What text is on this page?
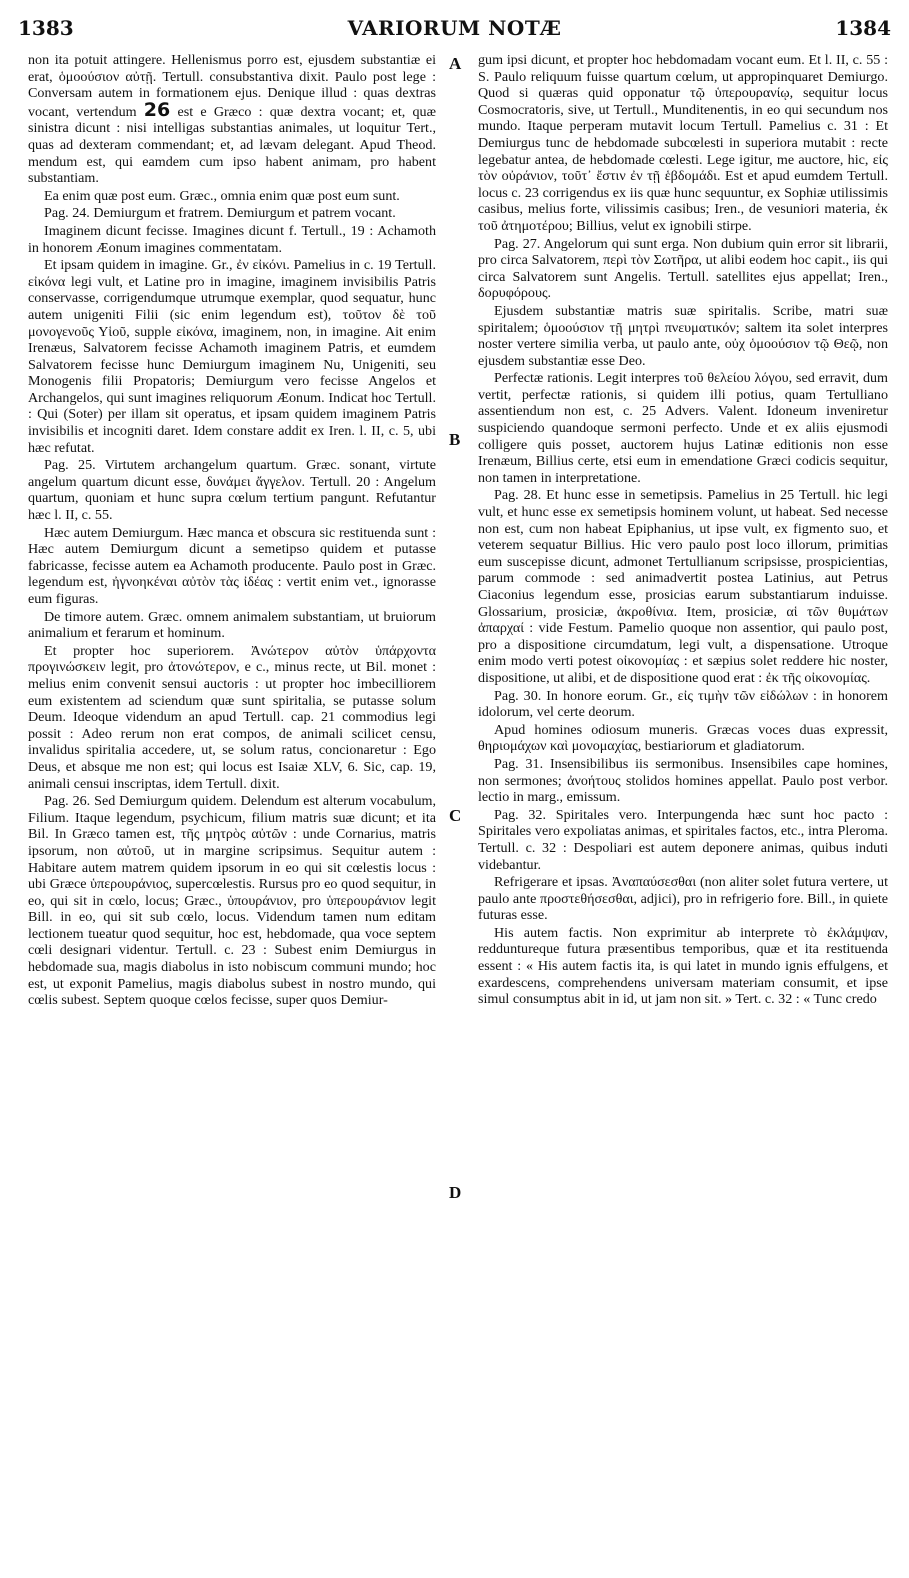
1383	VARIORUM NOTÆ	1384

non ita potuit attingere. Hellenismus porro est, ejusdem substantiæ ei erat, ὁμοούσιον αὐτῇ. Tertull. consubstantiva dixit. Paulo post lege : Conversam autem in formationem ejus. Denique illud : quas dextras vocant, vertendum 26 est e Græco : quæ dextra vocant; et, quæ sinistra dicunt : nisi intelligas substantias animales, ut loquitur Tert., quas ad dexteram commendant; et, ad lævam delegant. Apud Theod. mendum est, qui eamdem cum ipso habent animam, pro habent substantiam.

Ea enim quæ post eum. Græc., omnia enim quæ post eum sunt.

Pag. 24. Demiurgum et fratrem. Demiurgum et patrem vocant.

Imaginem dicunt fecisse. Imagines dicunt f. Tertull., 19 : Achamoth in honorem Æonum imagines commentatam.

Et ipsam quidem in imagine. Gr., ἐν εἰκόνι. Pamelius in c. 19 Tertull. εἰκόνα legi vult, et Latine pro in imagine, imaginem invisibilis Patris conservasse, corrigendumque utrumque exemplar, quod sequatur, hunc autem unigeniti Filii (sic enim legendum est), τοῦτον δὲ τοῦ μονογενοῦς Υἱοῦ, supple εἰκόνα, imaginem, non, in imagine. Ait enim Irenæus, Salvatorem fecisse Achamoth imaginem Patris, et eumdem Salvatorem fecisse hunc Demiurgum imaginem Nu, Unigeniti, seu Monogenis filii Propatoris; Demiurgum vero fecisse Angelos et Archangelos, qui sunt imagines reliquorum Æonum. Indicat hoc Tertull. : Qui (Soter) per illam sit operatus, et ipsam quidem imaginem Patris invisibilis et incogniti daret. Idem constare addit ex Iren. l. II, c. 5, ubi hæc refutat.

Pag. 25. Virtutem archangelum quartum. Græc. sonant, virtute angelum quartum dicunt esse, δυνάμει ἄγγελον. Tertull. 20 : Angelum quartum, quoniam et hunc supra cœlum tertium pangunt. Refutantur hæc l. II, c. 55.

Hæc autem Demiurgum. Hæc manca et obscura sic restituenda sunt : Hæc autem Demiurgum dicunt a semetipso quidem et putasse fabricasse, fecisse autem ea Achamoth producente. Paulo post in Græc. legendum est, ἠγνοηκέναι αὐτὸν τὰς ἰδέας : vertit enim vet., ignorasse eum figuras.

De timore autem. Græc. omnem animalem substantiam, ut bruiorum animalium et ferarum et hominum.

Et propter hoc superiorem. Ἀνώτερον αὐτὸν ὑπάρχοντα προγινώσκειν legit, pro ἀτονώτερον, e c., minus recte, ut Bil. monet : melius enim convenit sensui auctoris : ut propter hoc imbecilliorem eum existentem ad sciendum quæ sunt spiritalia, se putasse solum Deum. Ideoque videndum an apud Tertull. cap. 21 commodius legi possit : Adeo rerum non erat compos, de animali scilicet censu, invalidus spiritalia accedere, ut, se solum ratus, concionaretur : Ego Deus, et absque me non est; qui locus est Isaiæ XLV, 6. Sic, cap. 19, animali censui inscriptas, idem Tertull. dixit.

Pag. 26. Sed Demiurgum quidem. Delendum est alterum vocabulum, Filium. Itaque legendum, psychicum, filium matris suæ dicunt; et ita Bil. In Græco tamen est, τῆς μητρὸς αὐτῶν : unde Cornarius, matris ipsorum, non αὐτοῦ, ut in margine scripsimus. Sequitur autem : Habitare autem matrem quidem ipsorum in eo qui sit cœlestis locus : ubi Græce ὑπερουράνιος, supercœlestis. Rursus pro eo quod sequitur, in eo, qui sit in cœlo, locus; Græc., ὑπουράνιον, pro ὑπερουράνιον legit Bill. in eo, qui sit sub cœlo, locus. Videndum tamen num editam lectionem tueatur quod sequitur, hoc est, hebdomade, qua voce septem cœli designari videntur. Tertull. c. 23 : Subest enim Demiurgus in hebdomade sua, magis diabolus in isto nobiscum communi mundo; hoc est, ut exponit Pamelius, magis diabolus subest in nostro mundo, qui cœlis subest. Septem quoque cœlos fecisse, super quos Demiur-

gum ipsi dicunt, et propter hoc hebdomadam vocant eum. Et l. II, c. 55 : S. Paulo reliquum fuisse quartum cœlum, ut appropinquaret Demiurgo. Quod si quæras quid opponatur τῷ ὑπερουρανίῳ, sequitur locus Cosmocratoris, sive, ut Tertull., Munditenentis, in eo qui secundum nos mundo. Itaque perperam mutavit locum Tertull. Pamelius c. 31 : Et Demiurgus tunc de hebdomade subcœlesti in superiora mutabit : recte legebatur antea, de hebdomade cœlesti. Lege igitur, me auctore, hic, εἰς τὸν οὐράνιον, τοῦτ᾽ ἔστιν ἐν τῇ ἑβδομάδι. Est et apud eumdem Tertull. locus c. 23 corrigendus ex iis quæ hunc sequuntur, ex Sophiæ utilissimis casibus, melius forte, vilissimis casibus; Iren., de vesuniori materia, ἐκ τοῦ ἀτημοτέρου; Billius, velut ex ignobili stirpe.

Pag. 27. Angelorum qui sunt erga. Non dubium quin error sit librarii, pro circa Salvatorem, περὶ τὸν Σωτῆρα, ut alibi eodem hoc capit., iis qui circa Salvatorem sunt Angelis. Tertull. satellites ejus appellat; Iren., δορυφόρους.

Ejusdem substantiæ matris suæ spiritalis. Scribe, matri suæ spiritalem; ὁμοούσιον τῇ μητρὶ πνευματικόν; saltem ita solet interpres noster vertere similia verba, ut paulo ante, οὐχ ὁμοούσιον τῷ Θεῷ, non ejusdem substantiæ esse Deo.

Perfectæ rationis. Legit interpres τοῦ θελείου λόγου, sed erravit, dum vertit, perfectæ rationis, si quidem illi potius, quam Tertulliano assentiendum non est, c. 25 Advers. Valent. Idoneum inveniretur suspiciendo quandoque sermoni perfecto. Unde et ex aliis ejusmodi colligere quis posset, auctorem hujus Latinæ editionis non esse Irenæum, Billius certe, etsi eum in emendatione Græci codicis sequitur, non tamen in interpretatione.

Pag. 28. Et hunc esse in semetipsis. Pamelius in 25 Tertull. hic legi vult, et hunc esse ex semetipsis hominem volunt, ut habeat. Sed necesse non est, cum non habeat Epiphanius, ut ipse vult, ex figmento suo, et veterem sequatur Billius. Hic vero paulo post loco illorum, primitias eum suscepisse dicunt, admonet Tertullianum scripsisse, prospicientias, parum commode : sed animadvertit postea Latinius, aut Petrus Ciaconius legendum esse, prosicias earum substantiarum induisse. Glossarium, prosiciæ, ἀκροθίνια. Item, prosiciæ, αἱ τῶν θυμάτων ἀπαρχαί : vide Festum. Pamelio quoque non assentior, qui paulo post, pro a dispositione circumdatum, legi vult, a dispensatione. Utroque enim modo verti potest οἰκονομίας : et sæpius solet reddere hic noster, dispositione, ut alibi, et de dispositione quod erat : ἐκ τῆς οἰκονομίας.

Pag. 30. In honore eorum. Gr., εἰς τιμὴν τῶν εἰδώλων : in honorem idolorum, vel certe deorum.

Apud homines odiosum muneris. Græcas voces duas expressit, θηριομάχων καὶ μονομαχίας, bestiariorum et gladiatorum.

Pag. 31. Insensibilibus iis sermonibus. Insensibiles cape homines, non sermones; ἀνοήτους stolidos homines appellat. Paulo post verbor. lectio in marg., emissum.

Pag. 32. Spiritales vero. Interpungenda hæc sunt hoc pacto : Spiritales vero expoliatas animas, et spiritales factos, etc., intra Pleroma. Tertull. c. 32 : Despoliari est autem deponere animas, quibus induti videbantur.

Refrigerare et ipsas. Ἀναπαύσεσθαι (non aliter solet futura vertere, ut paulo ante προστεθήσεσθαι, adjici), pro in refrigerio fore. Bill., in quiete futuras esse.

His autem factis. Non exprimitur ab interprete τὸ ἐκλάμψαν, redduntureque futura præsentibus temporibus, quæ et ita restituenda essent : « His autem factis ita, is qui latet in mundo ignis effulgens, et exardescens, comprehendens universam materiam consumit, et ipse simul consumptus abit in id, ut jam non sit. » Tert. c. 32 : « Tunc credo

A
B
C
D
